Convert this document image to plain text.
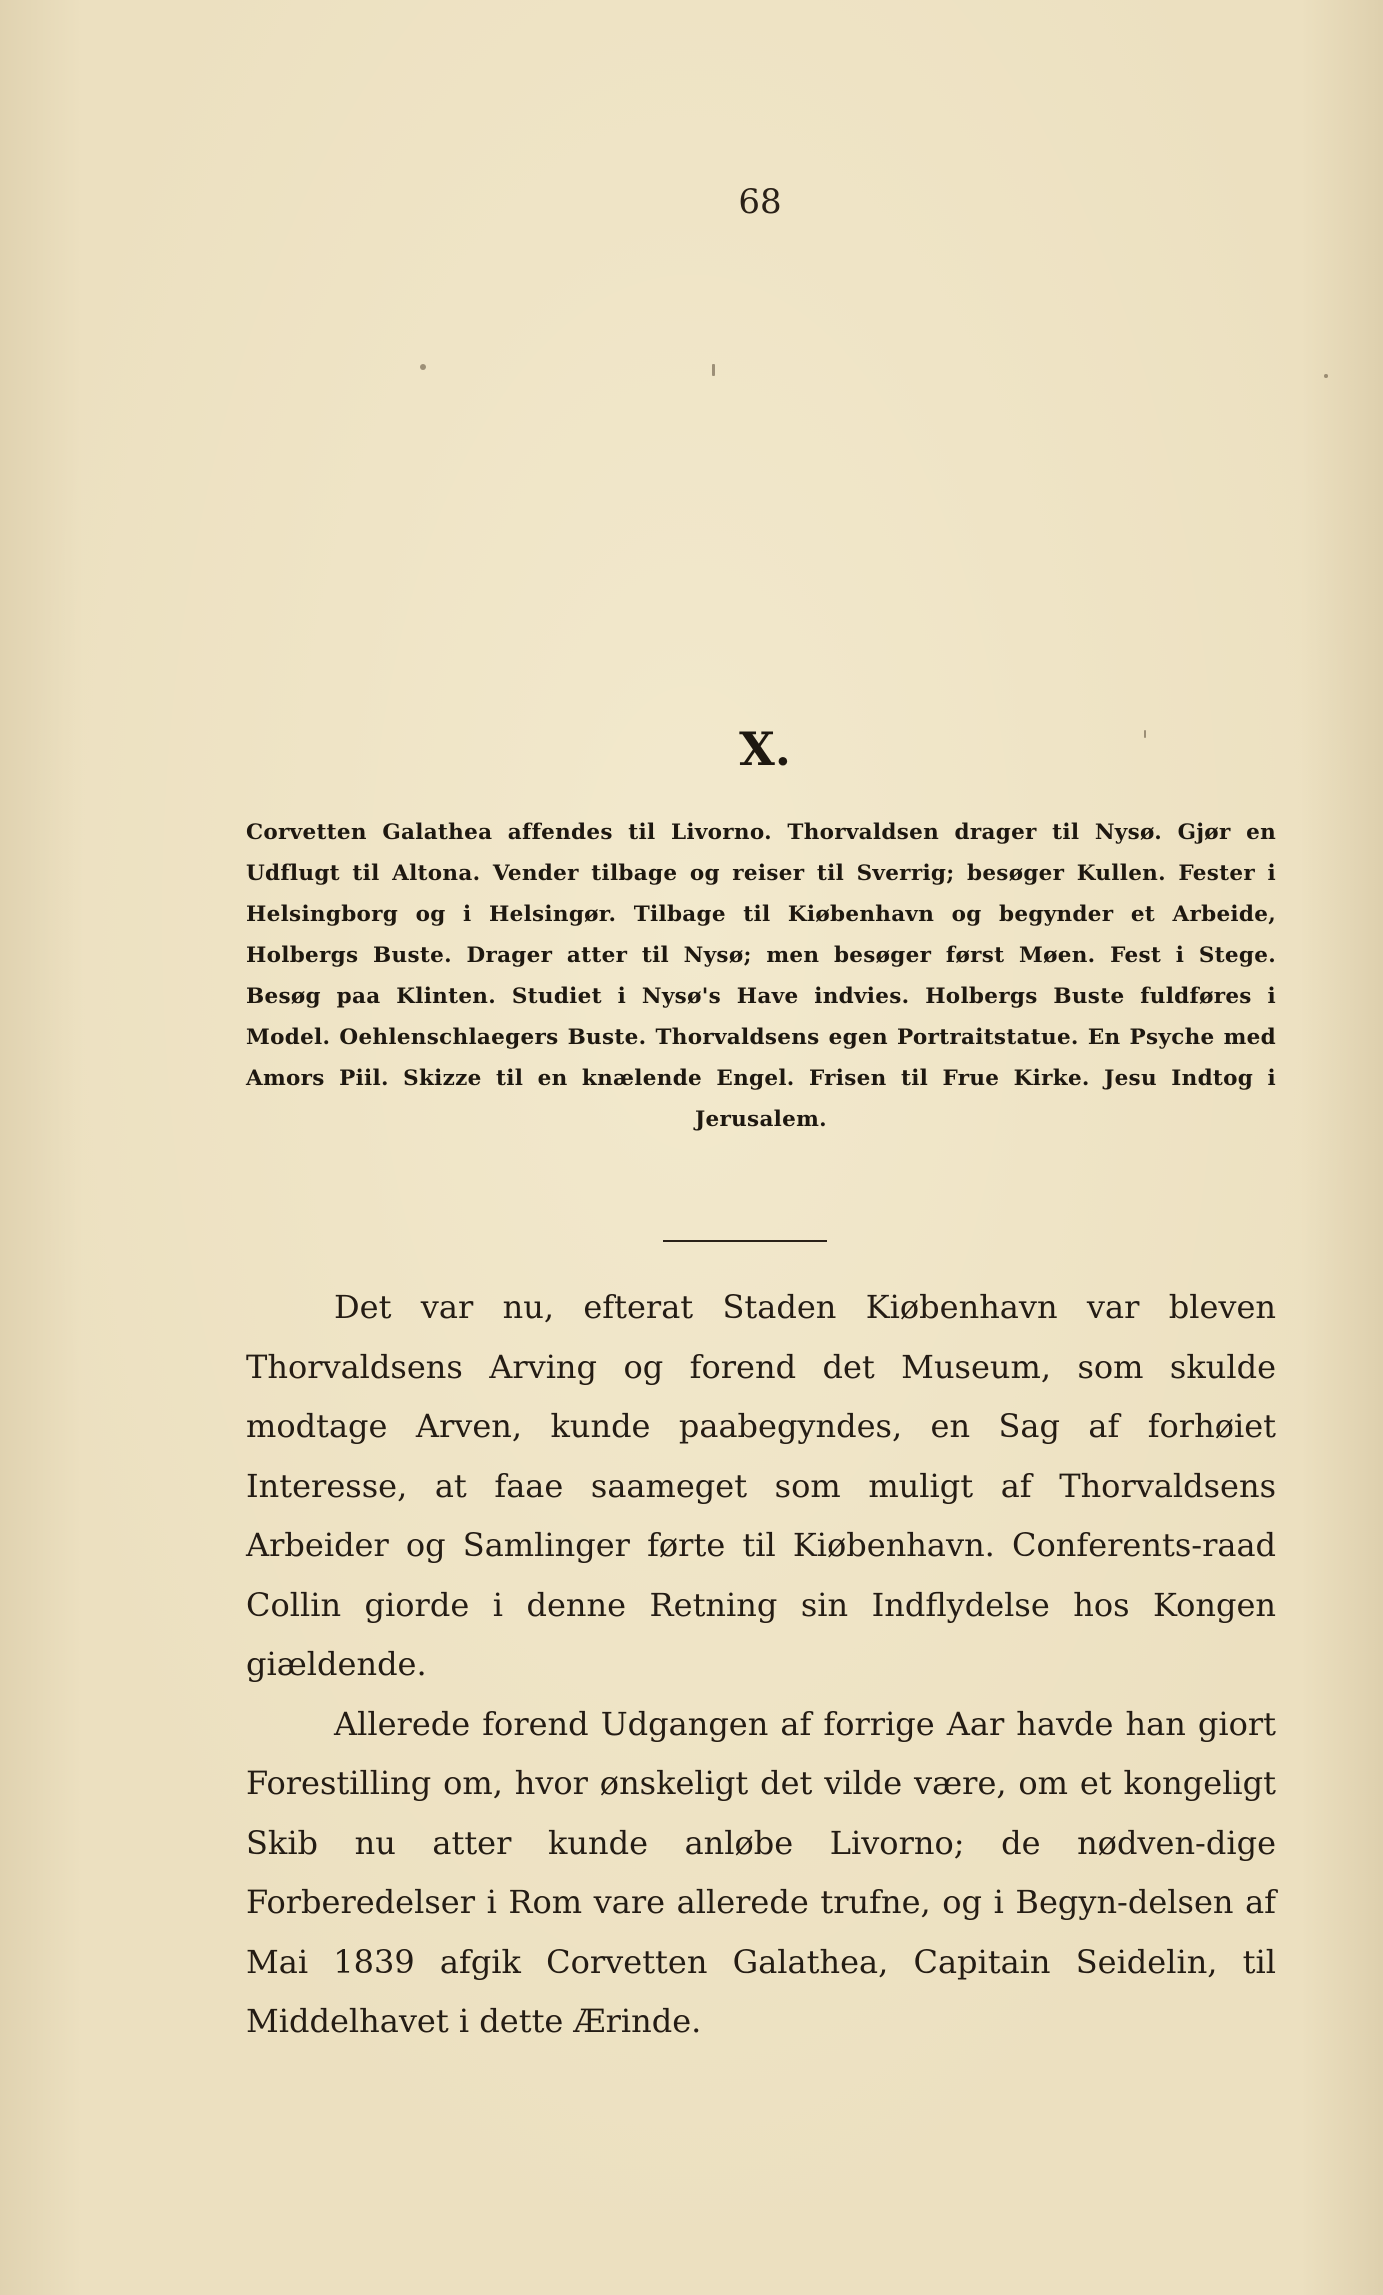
68
X.
Corvetten Galathea affendes til Livorno. Thorvaldsen drager til Nysø. Gjør en Udflugt til Altona. Vender tilbage og reiser til Sverrig; besøger Kullen. Fester i Helsingborg og i Helsingør. Tilbage til Kiøbenhavn og begynder et Arbeide, Holbergs Buste. Drager atter til Nysø; men besøger først Møen. Fest i Stege. Besøg paa Klinten. Studiet i Nysø's Have indvies. Holbergs Buste fuldføres i Model. Oehlenschlaegers Buste. Thorvaldsens egen Portraitstatue. En Psyche med Amors Piil. Skizze til en knælende Engel. Frisen til Frue Kirke. Jesu Indtog i Jerusalem.

Det var nu, efterat Staden Kiøbenhavn var bleven Thorvaldsens Arving og forend det Museum, som skulde modtage Arven, kunde paabegyndes, en Sag af forhøiet Interesse, at faae saameget som muligt af Thorvaldsens Arbeider og Samlinger førte til Kiøbenhavn. Conferents-raad Collin giorde i denne Retning sin Indflydelse hos Kongen giældende.

Allerede forend Udgangen af forrige Aar havde han giort Forestilling om, hvor ønskeligt det vilde være, om et kongeligt Skib nu atter kunde anløbe Livorno; de nødven-dige Forberedelser i Rom vare allerede trufne, og i Begyn-delsen af Mai 1839 afgik Corvetten Galathea, Capitain Seidelin, til Middelhavet i dette Ærinde.
